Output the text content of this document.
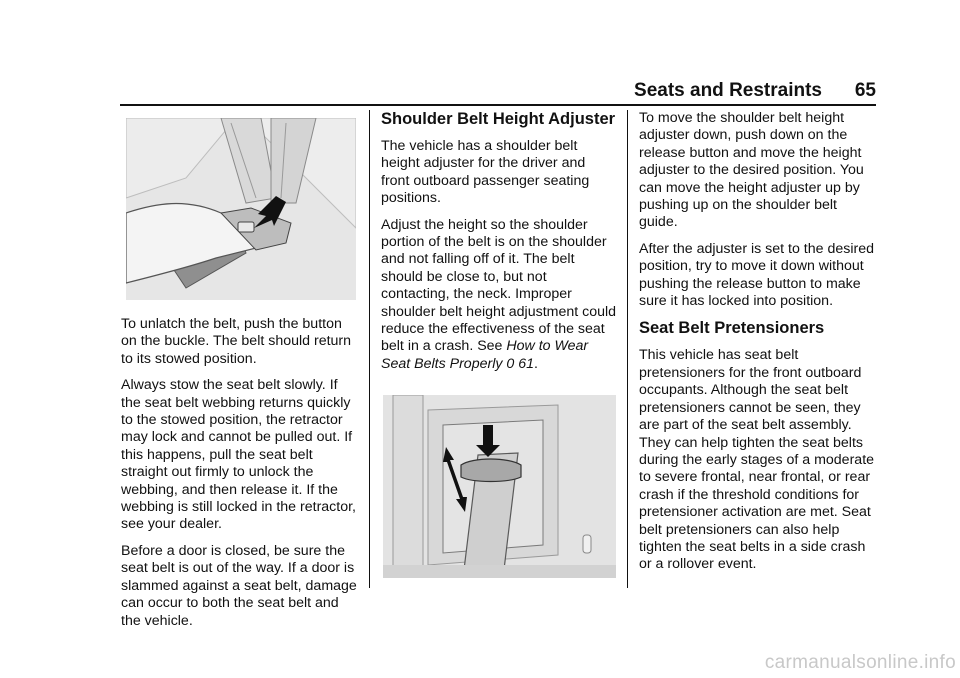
Seats and Restraints 65

To unlatch the belt, push the button on the buckle. The belt should return to its stowed position.

Always stow the seat belt slowly. If the seat belt webbing returns quickly to the stowed position, the retractor may lock and cannot be pulled out. If this happens, pull the seat belt straight out firmly to unlock the webbing, and then release it. If the webbing is still locked in the retractor, see your dealer.

Before a door is closed, be sure the seat belt is out of the way. If a door is slammed against a seat belt, damage can occur to both the seat belt and the vehicle.

Shoulder Belt Height Adjuster

The vehicle has a shoulder belt height adjuster for the driver and front outboard passenger seating positions.

Adjust the height so the shoulder portion of the belt is on the shoulder and not falling off of it. The belt should be close to, but not contacting, the neck. Improper shoulder belt height adjustment could reduce the effectiveness of the seat belt in a crash. See How to Wear Seat Belts Properly 0 61.

To move the shoulder belt height adjuster down, push down on the release button and move the height adjuster to the desired position. You can move the height adjuster up by pushing up on the shoulder belt guide.

After the adjuster is set to the desired position, try to move it down without pushing the release button to make sure it has locked into position.

Seat Belt Pretensioners

This vehicle has seat belt pretensioners for the front outboard occupants. Although the seat belt pretensioners cannot be seen, they are part of the seat belt assembly. They can help tighten the seat belts during the early stages of a moderate to severe frontal, near frontal, or rear crash if the threshold conditions for pretensioner activation are met. Seat belt pretensioners can also help tighten the seat belts in a side crash or a rollover event.

carmanualsonline.info
